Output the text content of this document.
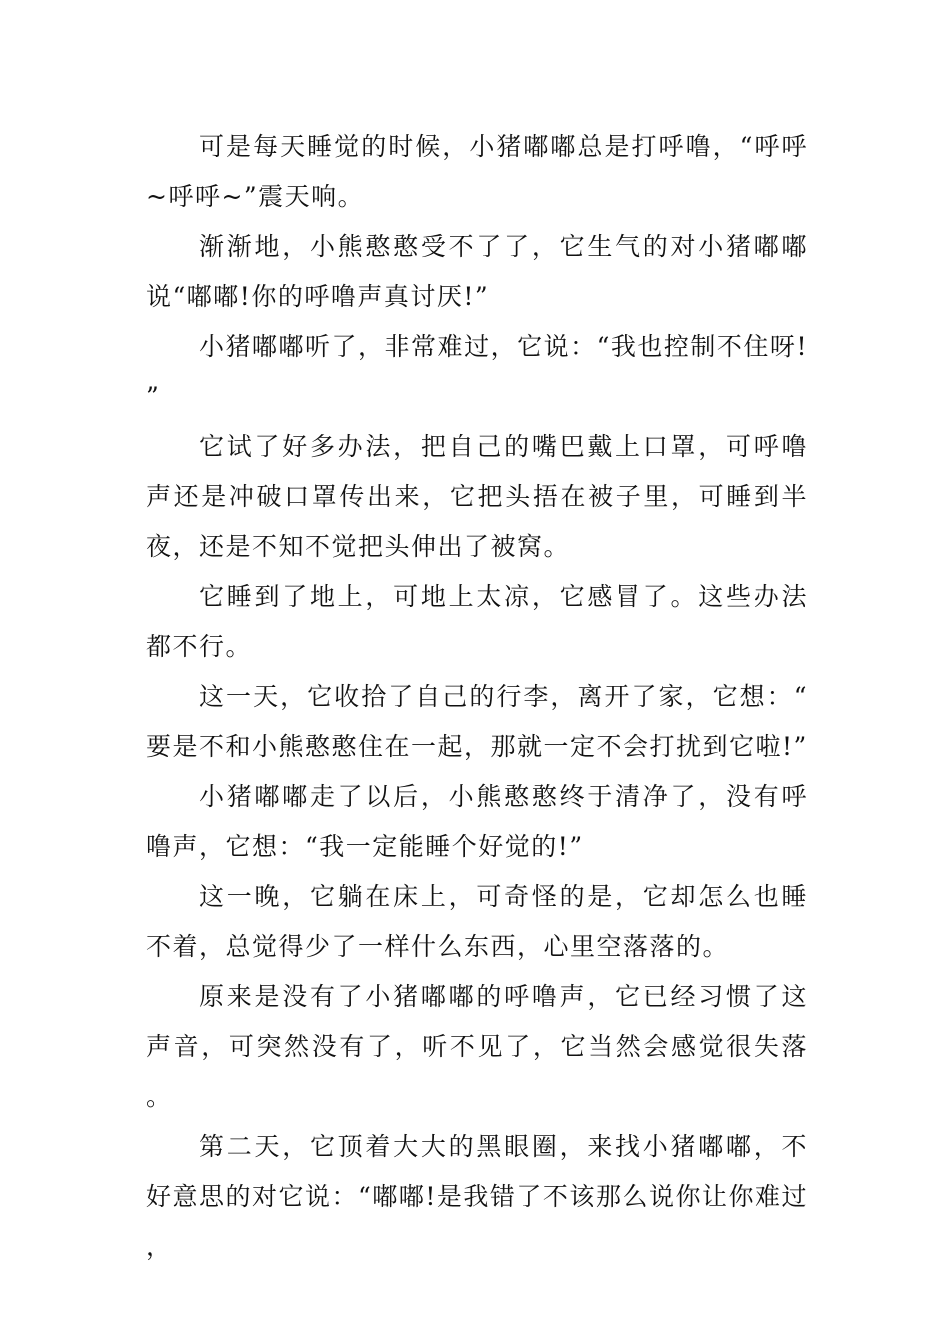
可是每天睡觉的时候，小猪嘟嘟总是打呼噜，“呼呼~呼呼~”震天响。

渐渐地，小熊憨憨受不了了，它生气的对小猪嘟嘟说“嘟嘟!你的呼噜声真讨厌!”

小猪嘟嘟听了，非常难过，它说：“我也控制不住呀!”

它试了好多办法，把自己的嘴巴戴上口罩，可呼噜声还是冲破口罩传出来，它把头捂在被子里，可睡到半夜，还是不知不觉把头伸出了被窝。

它睡到了地上，可地上太凉，它感冒了。这些办法都不行。

这一天，它收拾了自己的行李，离开了家，它想：“要是不和小熊憨憨住在一起，那就一定不会打扰到它啦!”

小猪嘟嘟走了以后，小熊憨憨终于清净了，没有呼噜声，它想：“我一定能睡个好觉的!”

这一晚，它躺在床上，可奇怪的是，它却怎么也睡不着，总觉得少了一样什么东西，心里空落落的。

原来是没有了小猪嘟嘟的呼噜声，它已经习惯了这声音，可突然没有了，听不见了，它当然会感觉很失落。

第二天，它顶着大大的黑眼圈，来找小猪嘟嘟，不好意思的对它说：“嘟嘟!是我错了不该那么说你让你难过，
